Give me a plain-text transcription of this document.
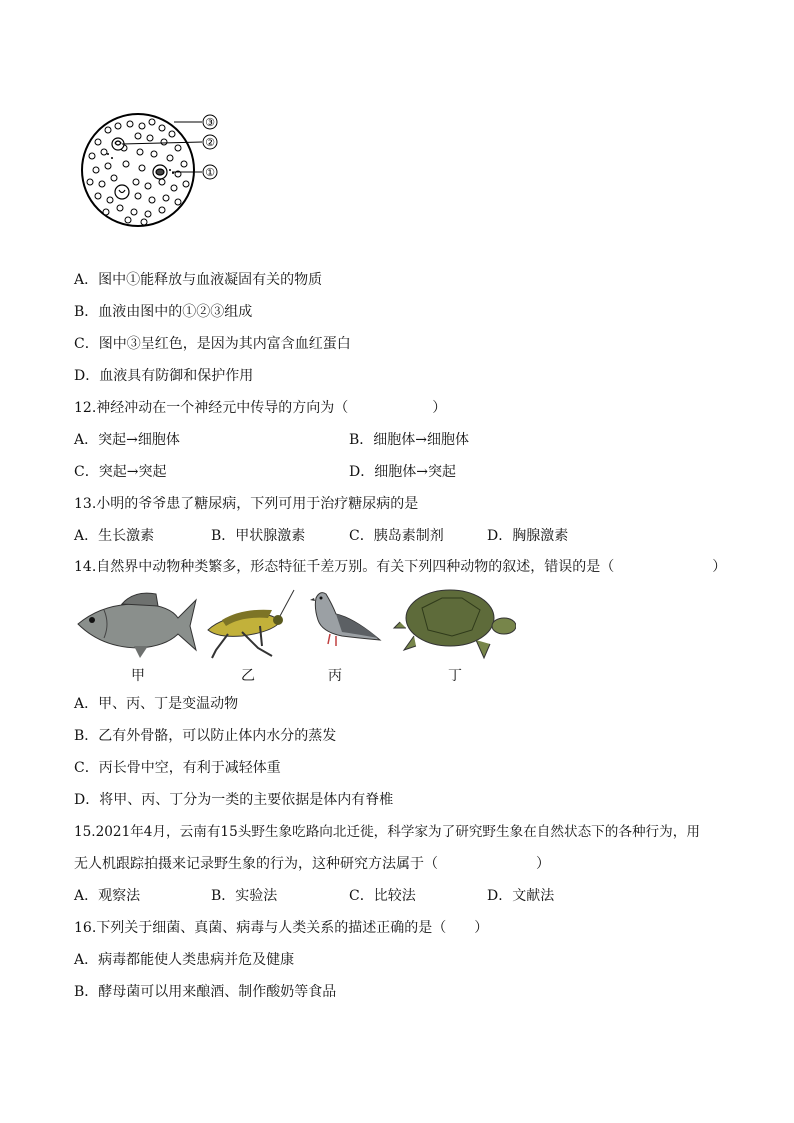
③
②
①
A．图中①能释放与血液凝固有关的物质
B．血液由图中的①②③组成
C．图中③呈红色，是因为其内富含血红蛋白
D．血液具有防御和保护作用
12.神经冲动在一个神经元中传导的方向为（　　　　　　）
A．突起→细胞体	B．细胞体→细胞体
C．突起→突起	D．细胞体→突起
13.小明的爷爷患了糖尿病，下列可用于治疗糖尿病的是
A．生长激素	B．甲状腺激素	C．胰岛素制剂	D．胸腺激素
14.自然界中动物种类繁多，形态特征千差万别。有关下列四种动物的叙述，错误的是（　　　　　　　）
甲	乙	丙	丁
A．甲、丙、丁是变温动物
B．乙有外骨骼，可以防止体内水分的蒸发
C．丙长骨中空，有利于减轻体重
D．将甲、丙、丁分为一类的主要依据是体内有脊椎
15.2021年4月，云南有15头野生象吃路向北迁徙，科学家为了研究野生象在自然状态下的各种行为，用
无人机跟踪拍摄来记录野生象的行为，这种研究方法属于（　　　　　　　）
A．观察法	B．实验法	C．比较法	D．文献法
16.下列关于细菌、真菌、病毒与人类关系的描述正确的是（　　）
A．病毒都能使人类患病并危及健康
B．酵母菌可以用来酿酒、制作酸奶等食品
